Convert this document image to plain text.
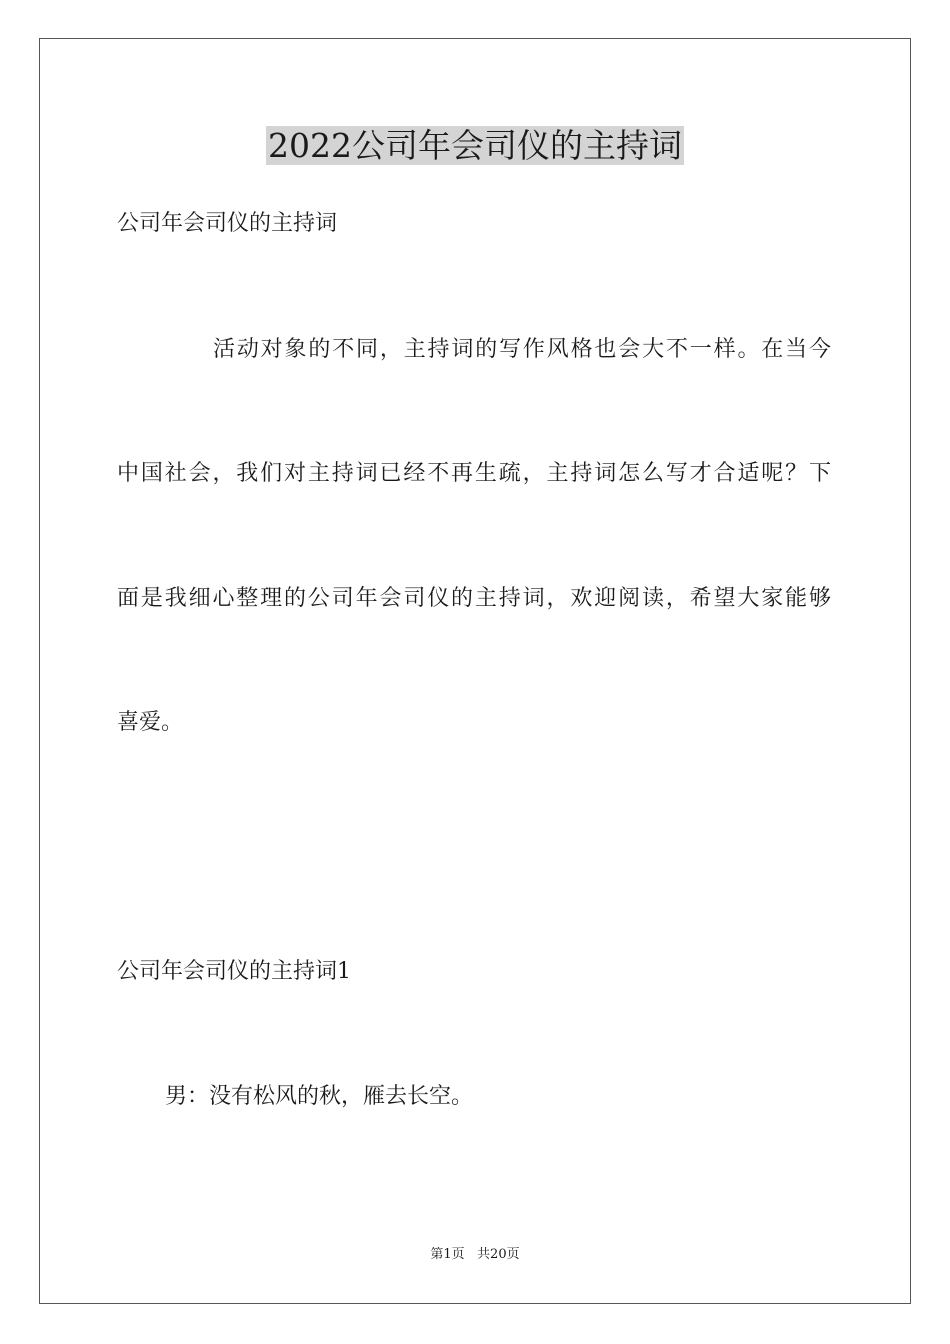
2022公司年会司仪的主持词
公司年会司仪的主持词
活动对象的不同，主持词的写作风格也会大不一样。在当今
中国社会，我们对主持词已经不再生疏，主持词怎么写才合适呢？下
面是我细心整理的公司年会司仪的主持词，欢迎阅读，希望大家能够
喜爱。
公司年会司仪的主持词1
男：没有松风的秋，雁去长空。
第1页   共20页
